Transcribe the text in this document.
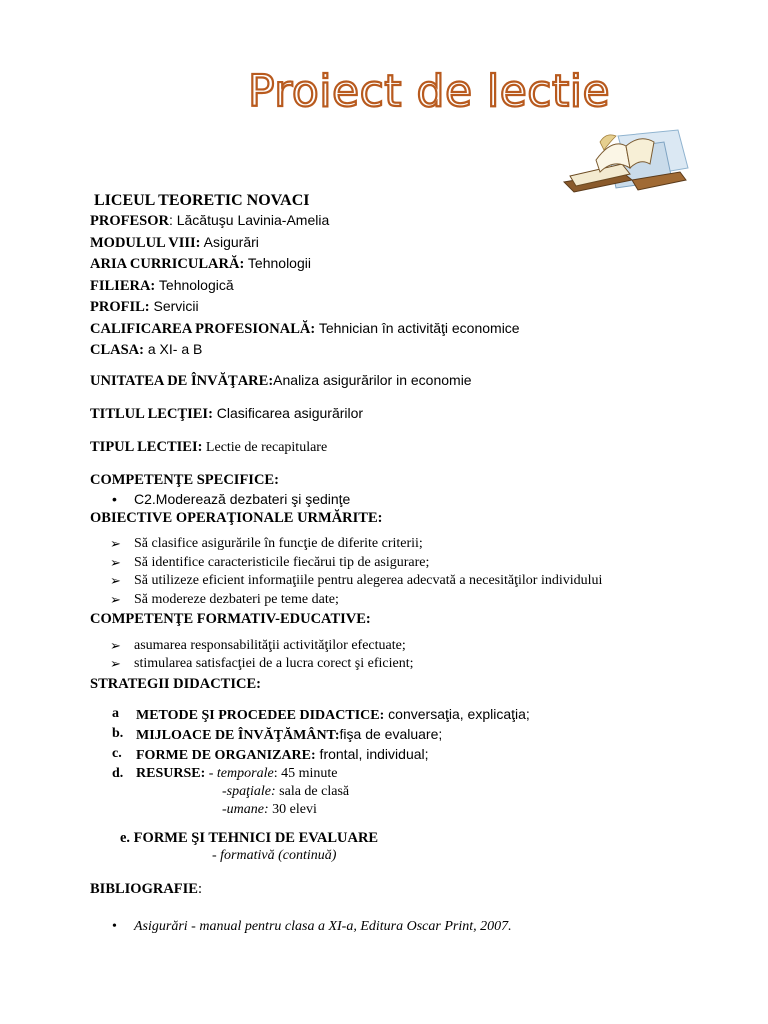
Proiect de lectie
LICEUL TEORETIC NOVACI
PROFESOR: Lăcătuşu Lavinia-Amelia
MODULUL VIII: Asigurări
ARIA CURRICULARĂ: Tehnologii
FILIERA: Tehnologică
PROFIL: Servicii
CALIFICAREA PROFESIONALĂ: Tehnician în activităţi economice
CLASA: a XI- a B
UNITATEA DE ÎNVĂŢARE:Analiza asigurărilor in economie
TITLUL LECŢIEI: Clasificarea asigurărilor
TIPUL LECTIEI: Lectie de recapitulare
COMPETENŢE SPECIFICE:
• C2.Moderează dezbateri şi şedinţe
OBIECTIVE OPERAŢIONALE URMĂRITE:
➢ Să clasifice asigurările în funcţie de diferite criterii;
➢ Să identifice caracteristicile fiecărui tip de asigurare;
➢ Să utilizeze eficient informaţiile pentru alegerea adecvată a necesităţilor individului
➢ Să modereze dezbateri pe teme date;
COMPETENŢE FORMATIV-EDUCATIVE:
➢ asumarea responsabilităţii activităţilor efectuate;
➢ stimularea satisfacţiei de a lucra corect şi eficient;
STRATEGII DIDACTICE:
a METODE ŞI PROCEDEE DIDACTICE: conversaţia, explicaţia;
b. MIJLOACE DE ÎNVĂŢĂMÂNT:fişa de evaluare;
c. FORME DE ORGANIZARE: frontal, individual;
d. RESURSE: - temporale: 45 minute
-spaţiale: sala de clasă
-umane: 30 elevi
e. FORME ŞI TEHNICI DE EVALUARE
- formativă (continuă)
BIBLIOGRAFIE:
• Asigurări - manual pentru clasa a XI-a, Editura Oscar Print, 2007.
